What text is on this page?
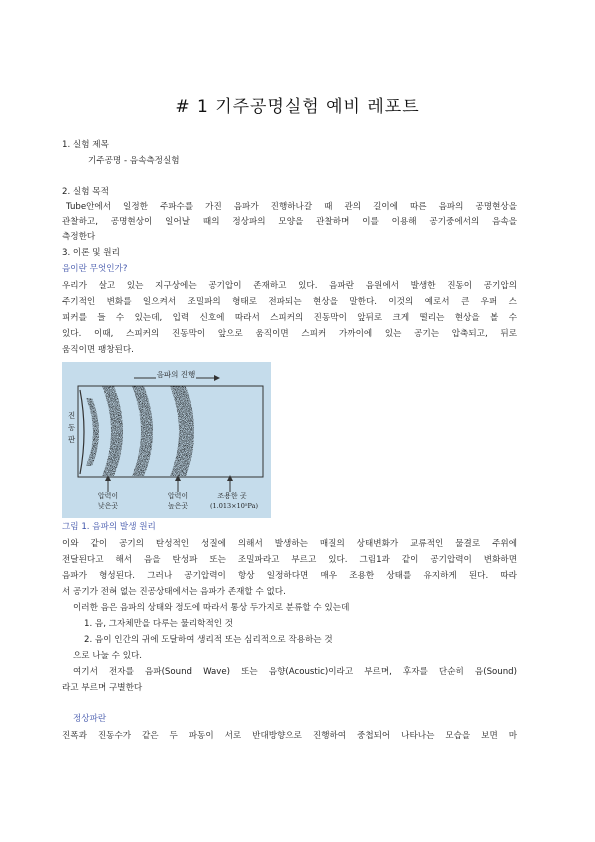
# 1 기주공명실험 예비 레포트
1. 실험 제목
기주공명 - 음속측정실험
2. 실험 목적
Tube안에서 일정한 주파수를 가진 음파가 진행하나갈 때 관의 길이에 따른 음파의 공명현상을
관찰하고, 공명현상이 일어날 때의 정상파의 모양을 관찰하며 이를 이용해 공기중에서의 음속을
측정한다
3. 이론 및 원리
음이란 무엇인가?
우리가 살고 있는 지구상에는 공기압이 존재하고 있다. 음파란 음원에서 발생한 진동이 공기압의
주기적인 변화를 일으켜서 조밀파의 형태로 전파되는 현상을 말한다. 이것의 예로서 큰 우퍼 스
피커를 들 수 있는데, 입력 신호에 따라서 스피커의 진동막이 앞뒤로 크게 떨리는 현상을 볼 수
있다. 이때, 스피커의 진동막이 앞으로 움직이면 스피커 가까이에 있는 공기는 압축되고, 뒤로
움직이면 팽창된다.
음파의 진행
진
동
판
압력이
낮은곳
압력이
높은곳
조용한 곳
(1.013×10⁵Pa)
그림 1. 음파의 발생 원리
이와 같이 공기의 탄성적인 성질에 의해서 발생하는 매질의 상태변화가 교류적인 물결로 주위에
전달된다고 해서 음을 탄성파 또는 조밀파라고 부르고 있다. 그림1과 같이 공기압력이 변화하면
음파가 형성된다. 그러나 공기압력이 항상 일정하다면 매우 조용한 상태를 유지하게 된다. 따라
서 공기가 전혀 없는 진공상태에서는 음파가 존재할 수 없다.
이러한 음은 음파의 상태와 정도에 따라서 통상 두가지로 분류할 수 있는데
1. 음, 그자체만을 다루는 물리학적인 것
2. 음이 인간의 귀에 도달하여 생리적 또는 심리적으로 작용하는 것
으로 나눌 수 있다.
여기서 전자를 음파(Sound Wave) 또는 음향(Acoustic)이라고 부르며, 후자를 단순히 음(Sound)
라고 부르며 구별한다
정상파란
진폭과 진동수가 같은 두 파동이 서로 반대방향으로 진행하여 중첩되어 나타나는 모습을 보면 마
